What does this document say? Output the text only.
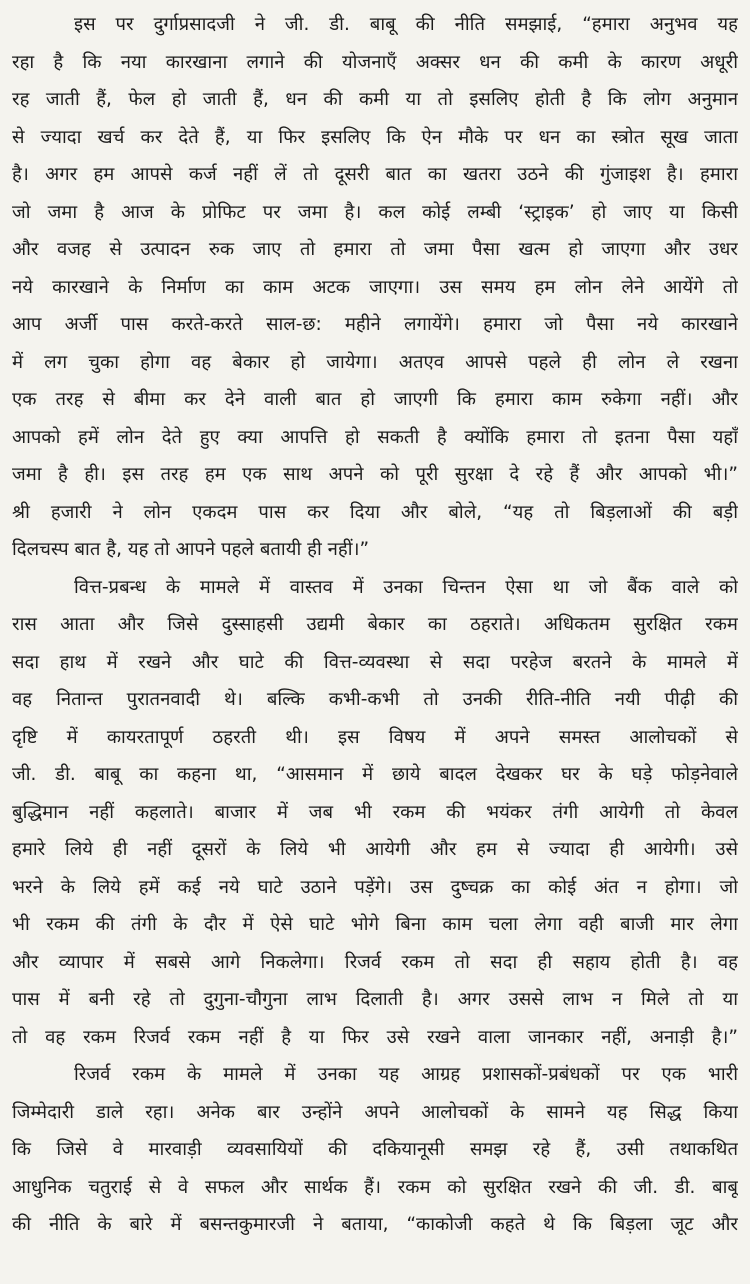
इस पर दुर्गाप्रसादजी ने जी. डी. बाबू की नीति समझाई, “हमारा अनुभव यह
रहा है कि नया कारखाना लगाने की योजनाएँ अक्सर धन की कमी के कारण अधूरी
रह जाती हैं, फेल हो जाती हैं, धन की कमी या तो इसलिए होती है कि लोग अनुमान
से ज्यादा खर्च कर देते हैं, या फिर इसलिए कि ऐन मौके पर धन का स्त्रोत सूख जाता
है। अगर हम आपसे कर्ज नहीं लें तो दूसरी बात का खतरा उठने की गुंजाइश है। हमारा
जो जमा है आज के प्रोफिट पर जमा है। कल कोई लम्बी ‘स्ट्राइक’ हो जाए या किसी
और वजह से उत्पादन रुक जाए तो हमारा तो जमा पैसा खत्म हो जाएगा और उधर
नये कारखाने के निर्माण का काम अटक जाएगा। उस समय हम लोन लेने आयेंगे तो
आप अर्जी पास करते-करते साल-छ: महीने लगायेंगे। हमारा जो पैसा नये कारखाने
में लग चुका होगा वह बेकार हो जायेगा। अतएव आपसे पहले ही लोन ले रखना
एक तरह से बीमा कर देने वाली बात हो जाएगी कि हमारा काम रुकेगा नहीं। और
आपको हमें लोन देते हुए क्या आपत्ति हो सकती है क्योंकि हमारा तो इतना पैसा यहाँ
जमा है ही। इस तरह हम एक साथ अपने को पूरी सुरक्षा दे रहे हैं और आपको भी।”
श्री हजारी ने लोन एकदम पास कर दिया और बोले, “यह तो बिड़लाओं की बड़ी
दिलचस्प बात है, यह तो आपने पहले बतायी ही नहीं।”
वित्त-प्रबन्ध के मामले में वास्तव में उनका चिन्तन ऐसा था जो बैंक वाले को
रास आता और जिसे दुस्साहसी उद्यमी बेकार का ठहराते। अधिकतम सुरक्षित रकम
सदा हाथ में रखने और घाटे की वित्त-व्यवस्था से सदा परहेज बरतने के मामले में
वह नितान्त पुरातनवादी थे। बल्कि कभी-कभी तो उनकी रीति-नीति नयी पीढ़ी की
दृष्टि में कायरतापूर्ण ठहरती थी। इस विषय में अपने समस्त आलोचकों से
जी. डी. बाबू का कहना था, “आसमान में छाये बादल देखकर घर के घड़े फोड़नेवाले
बुद्धिमान नहीं कहलाते। बाजार में जब भी रकम की भयंकर तंगी आयेगी तो केवल
हमारे लिये ही नहीं दूसरों के लिये भी आयेगी और हम से ज्यादा ही आयेगी। उसे
भरने के लिये हमें कई नये घाटे उठाने पड़ेंगे। उस दुष्चक्र का कोई अंत न होगा। जो
भी रकम की तंगी के दौर में ऐसे घाटे भोगे बिना काम चला लेगा वही बाजी मार लेगा
और व्यापार में सबसे आगे निकलेगा। रिजर्व रकम तो सदा ही सहाय होती है। वह
पास में बनी रहे तो दुगुना-चौगुना लाभ दिलाती है। अगर उससे लाभ न मिले तो या
तो वह रकम रिजर्व रकम नहीं है या फिर उसे रखने वाला जानकार नहीं, अनाड़ी है।”
रिजर्व रकम के मामले में उनका यह आग्रह प्रशासकों-प्रबंधकों पर एक भारी
जिम्मेदारी डाले रहा। अनेक बार उन्होंने अपने आलोचकों के सामने यह सिद्ध किया
कि जिसे वे मारवाड़ी व्यवसायियों की दकियानूसी समझ रहे हैं, उसी तथाकथित
आधुनिक चतुराई से वे सफल और सार्थक हैं। रकम को सुरक्षित रखने की जी. डी. बाबू
की नीति के बारे में बसन्तकुमारजी ने बताया, “काकोजी कहते थे कि बिड़ला जूट और
